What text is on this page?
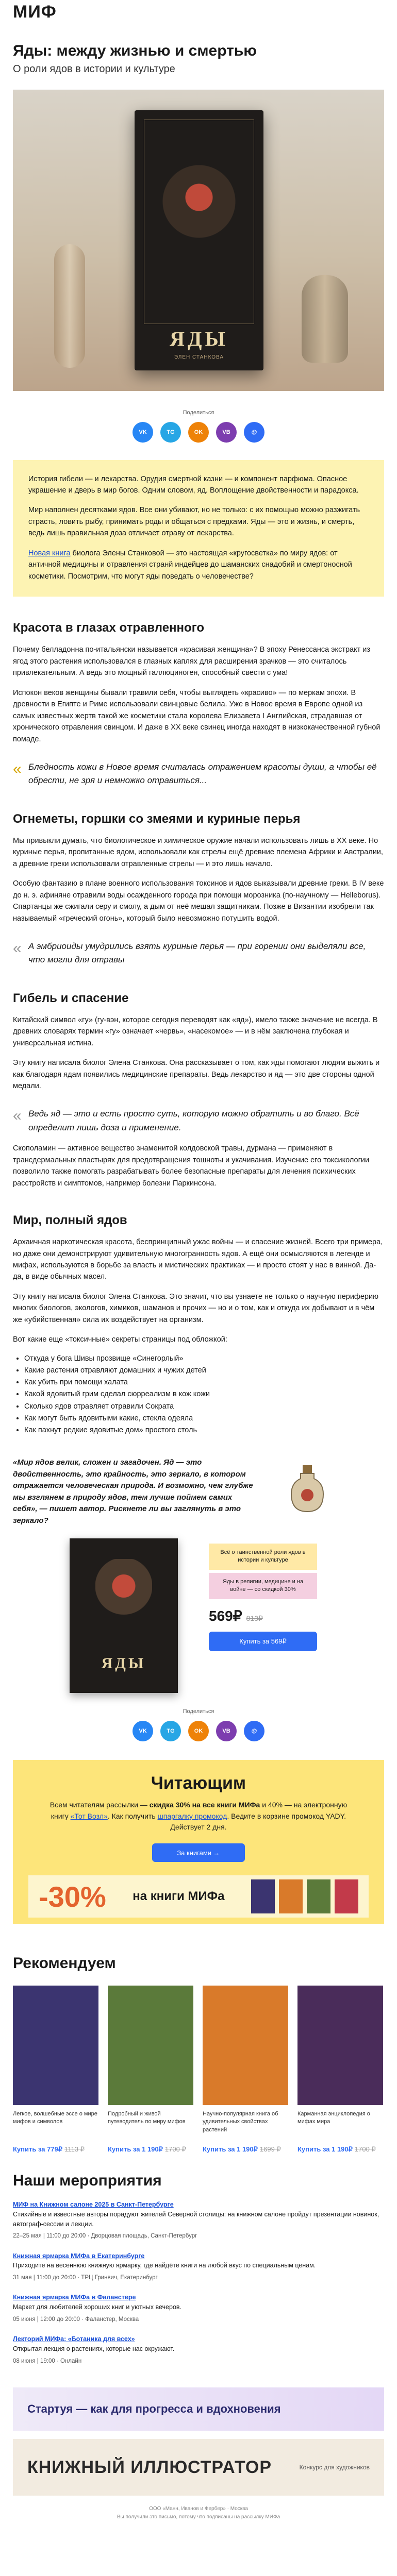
МИФ
Яды: между жизнью и смертью
О роли ядов в истории и культуре
ЯДЫ
ЭЛЕН СТАНКОВА
Поделиться
VK	TG	OK	VB	@

История гибели — и лекарства. Орудия смертной казни — и компонент парфюма. Опасное украшение и дверь в мир богов. Одним словом, яд. Воплощение двойственности и парадокса.

Мир наполнен десятками ядов. Все они убивают, но не только: с их помощью можно разжигать страсть, ловить рыбу, принимать роды и общаться с предками. Яды — это и жизнь, и смерть, ведь лишь правильная доза отличает отраву от лекарства.

Новая книга биолога Элены Станковой — это настоящая «кругосветка» по миру ядов: от античной медицины и отравления странй индейцев до шаманских снадобий и смертоносной косметики. Посмотрим, что могут яды поведать о человечестве?

Красота в глазах отравленного

Почему белладонна по-итальянски называется «красивая женщина»? В эпоху Ренессанса экстракт из ягод этого растения использовался в глазных каплях для расширения зрачков — это считалось привлекательным. А ведь это мощный галлюциноген, способный свести с ума!

Испокон веков женщины бывали травили себя, чтобы выглядеть «красиво» — по меркам эпохи. В древности в Египте и Риме использовали свинцовые белила. Уже в Новое время в Европе одной из самых известных жертв такой же косметики стала королева Елизавета I Английская, страдавшая от хронического отравления свинцом. И даже в XX веке свинец иногда находят в низкокачественной губной помаде.

« Бледность кожи в Новое время считалась отражением красоты души, а чтобы её обрести, не зря и немножко отравиться...
Огнеметы, горшки со змеями и куриные перья

Мы привыкли думать, что биологическое и химическое оружие начали использовать лишь в XX веке. Но куриные перья, пропитанные ядом, использовали как стрелы ещё древние племена Африки и Австралии, а древние греки использовали отравленные стрелы — и это лишь начало.

Особую фантазию в плане военного использования токсинов и ядов выказывали древние греки. В IV веке до н. э. афиняне отравили воды осажденного города при помощи морозника (по-научному — Helleborus). Спартанцы же сжигали серу и смолу, а дым от неё мешал защитникам. Позже в Византии изобрели так называемый «греческий огонь», который было невозможно потушить водой.

« А эмбриоиды умудрились взять куриные перья — при горении они выделяли все, что могли для отравы
Гибель и спасение

Китайский символ «гу» (гу-вэн, которое сегодня переводят как «яд»), имело также значение не всегда. В древних словарях термин «гу» означает «червь», «насекомое» — и в нём заключена глубокая и универсальная истина.

Эту книгу написала биолог Элена Станкова. Она рассказывает о том, как яды помогают людям выжить и как благодаря ядам появились медицинские препараты. Ведь лекарство и яд — это две стороны одной медали.

« Ведь яд — это и есть просто суть, которую можно обратить и во благо. Всё определит лишь доза и применение.

Скополамин — активное вещество знаменитой колдовской травы, дурмана — применяют в трансдермальных пластырях для предотвращения тошноты и укачивания. Изучение его токсикологии позволило также помогать разрабатывать более безопасные препараты для лечения психических расстройств и симптомов, например болезни Паркинсона.

Мир, полный ядов

Архаичная наркотическая красота, беспринципный ужас войны — и спасение жизней. Всего три примера, но даже они демонстрируют удивительную многогранность ядов. А ещё они осмысляются в легенде и мифах, используются в борьбе за власть и мистических практиках — и просто стоят у нас в винной. Да-да, в виде обычных масел.

Эту книгу написала биолог Элена Станкова. Это значит, что вы узнаете не только о научную периферию многих биологов, экологов, химиков, шаманов и прочих — но и о том, как и откуда их добывают и в чём же «убийственная» сила их воздействует на организм.

Вот какие еще «токсичные» секреты страницы под обложкой:

• Откуда у бога Шивы прозвище «Синегорлый»
• Какие растения отравляют домашних и чужих детей
• Как убить при помощи халата
• Какой ядовитый грим сделал сюрреализм в кож кожи
• Сколько ядов отравляет отравили Сократа
• Как могут быть ядовитыми какие, стекла одеяла
• Как пахнут редкие ядовитые дом» простого столь
«Мир ядов велик, сложен и загадочен. Яд — это двойственность, это крайность, это зеркало, в котором отражается человеческая природа. И возможно, чем глубже мы взглянем в природу ядов, тем лучше поймем самих себя», — пишет автор. Рискнете ли вы заглянуть в это зеркало?
ЯДЫ
Всё о таинственной роли ядов в истории и культуре
Яды в религии, медицине и на войне — со скидкой 30%
569₽ 813₽
Купить за 569₽
Поделиться
VK	TG	OK	VB	@
Читающим
Всем читателям рассылки — скидка 30% на все книги МИФа и 40% — на электронную книгу «Тот Возл». Как получить шпаргалку промокод. Ведите в корзине промокод YADY. Действует 2 дня.
За книгами →
-30% на книги МИФа
Рекомендуем
Легкое, волшебные эссе о мире мифов и символов
Купить за 779₽ 1113 ₽
Подробный и живой путеводитель по миру мифов
Купить за 1 190₽ 1700 ₽
Научно-популярная книга об удивительных свойствах растений
Купить за 1 190₽ 1699 ₽
Карманная энциклопедия о мифах мира
Купить за 1 190₽ 1700 ₽
Наши мероприятия
МИФ на Книжном салоне 2025 в Санкт-Петербурге
Стихийные и известные авторы порадуют жителей Северной столицы: на книжном салоне пройдут презентации новинок, автограф-сессии и лекции.
22–25 мая | 11:00 до 20:00 · Дворцовая площадь, Санкт-Петербург
Книжная ярмарка МИФа в Екатеринбурге
Приходите на весеннюю книжную ярмарку, где найдёте книги на любой вкус по специальным ценам.
31 мая | 11:00 до 20:00 · ТРЦ Гринвич, Екатеринбург
Книжная ярмарка МИФа в Фаланстере
Маркет для любителей хороших книг и уютных вечеров.
05 июня | 12:00 до 20:00 · Фаланстер, Москва
Лекторий МИФа: «Ботаника для всех»
Открытая лекция о растениях, которые нас окружают.
08 июня | 19:00 · Онлайн
Стартуя — как для прогресса и вдохновения
КНИЖНЫЙ ИЛЛЮСТРАТОР	Конкурс для художников
ООО «Манн, Иванов и Фербер» · Москва
Вы получили это письмо, потому что подписаны на рассылку МИФа
